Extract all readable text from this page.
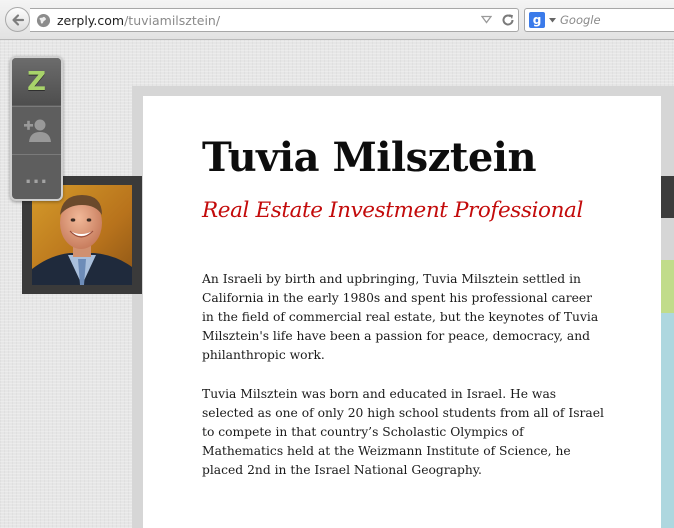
zerply.com/tuviamilsztein/	g	Google
Z
...	Tuvia Milsztein
Real Estate Investment Professional

An Israeli by birth and upbringing, Tuvia Milsztein settled in California in the early 1980s and spent his professional career in the field of commercial real estate, but the keynotes of Tuvia Milsztein's life have been a passion for peace, democracy, and philanthropic work.

Tuvia Milsztein was born and educated in Israel. He was selected as one of only 20 high school students from all of Israel to compete in that country’s Scholastic Olympics of Mathematics held at the Weizmann Institute of Science, he placed 2nd in the Israel National Geography.
